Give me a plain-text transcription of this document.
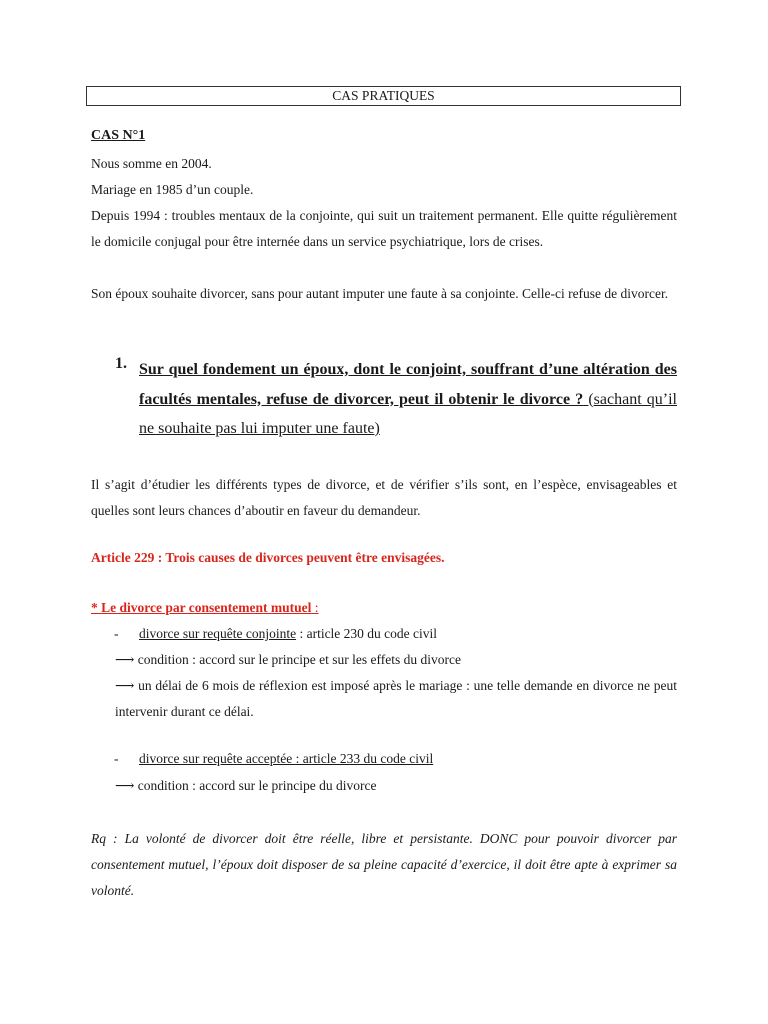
CAS PRATIQUES
CAS N°1

Nous somme en 2004.

Mariage en 1985 d’un couple.

Depuis 1994 : troubles mentaux de la conjointe, qui suit un traitement permanent. Elle quitte régulièrement le domicile conjugal pour être internée dans un service psychiatrique, lors de crises.

Son époux souhaite divorcer, sans pour autant imputer une faute à sa conjointe. Celle-ci refuse de divorcer.

1. Sur quel fondement un époux, dont le conjoint, souffrant d’une altération des facultés mentales, refuse de divorcer, peut il obtenir le divorce ? (sachant qu’il ne souhaite pas lui imputer une faute)

Il s’agit d’étudier les différents types de divorce, et de vérifier s’ils sont, en l’espèce, envisageables et quelles sont leurs chances d’aboutir en faveur du demandeur.

Article 229 : Trois causes de divorces peuvent être envisagées.
* Le divorce par consentement mutuel :
- divorce sur requête conjointe : article 230 du code civil

⟶ condition : accord sur le principe et sur les effets du divorce

⟶ un délai de 6 mois de réflexion est imposé après le mariage : une telle demande en divorce ne peut intervenir durant ce délai.

- divorce sur requête acceptée : article 233 du code civil

⟶ condition : accord sur le principe du divorce

Rq : La volonté de divorcer doit être réelle, libre et persistante. DONC pour pouvoir divorcer par consentement mutuel, l’époux doit disposer de sa pleine capacité d’exercice, il doit être apte à exprimer sa volonté.
